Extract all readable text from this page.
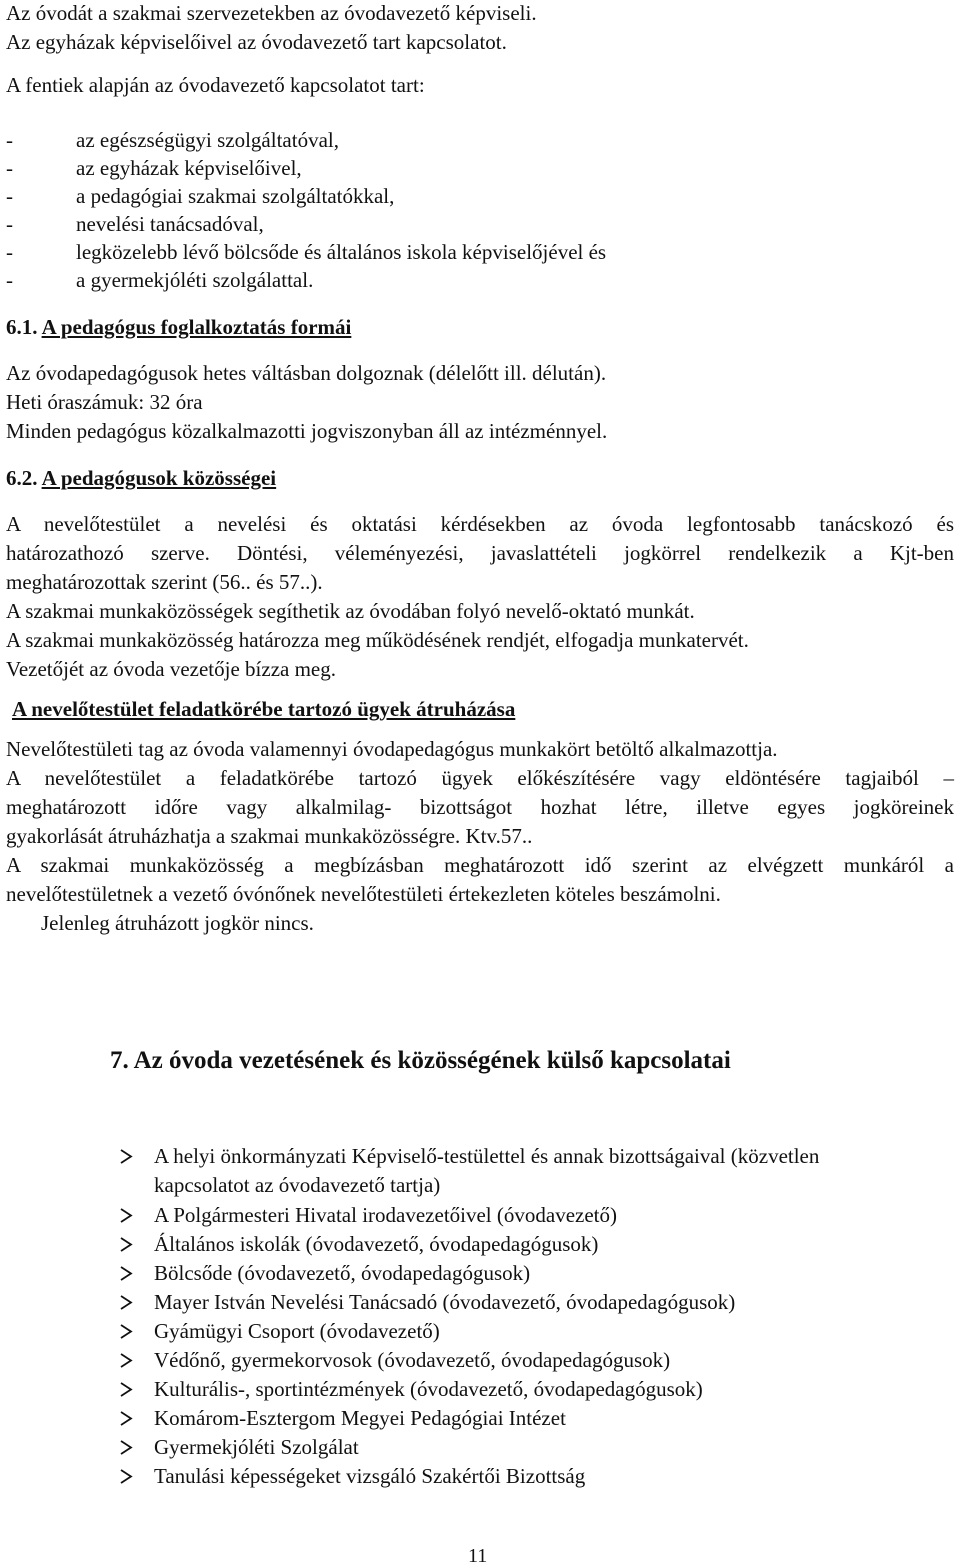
Az óvodát a szakmai szervezetekben az óvodavezető képviseli.
Az egyházak képviselőivel az óvodavezető tart kapcsolatot.
A fentiek alapján az óvodavezető kapcsolatot tart:
-	az egészségügyi szolgáltatóval,
-	az egyházak képviselőivel,
-	a pedagógiai szakmai szolgáltatókkal,
-	nevelési tanácsadóval,
-	legközelebb lévő bölcsőde és általános iskola képviselőjével és
-	a gyermekjóléti szolgálattal.
6.1. A pedagógus foglalkoztatás formái
Az óvodapedagógusok hetes váltásban dolgoznak (délelőtt ill. délután).
Heti óraszámuk: 32 óra
Minden pedagógus közalkalmazotti jogviszonyban áll az intézménnyel.
6.2. A pedagógusok közösségei
A nevelőtestület a nevelési és oktatási kérdésekben az óvoda legfontosabb tanácskozó és
határozathozó szerve. Döntési, véleményezési, javaslattételi jogkörrel rendelkezik a Kjt-ben
meghatározottak szerint (56.. és 57..).
A szakmai munkaközösségek segíthetik az óvodában folyó nevelő-oktató munkát.
A szakmai munkaközösség határozza meg működésének rendjét, elfogadja munkatervét.
Vezetőjét az óvoda vezetője bízza meg.
A nevelőtestület feladatkörébe tartozó ügyek átruházása
Nevelőtestületi tag az óvoda valamennyi óvodapedagógus munkakört betöltő alkalmazottja.
A nevelőtestület a feladatkörébe tartozó ügyek előkészítésére vagy eldöntésére tagjaiból –
meghatározott időre vagy alkalmilag- bizottságot hozhat létre, illetve egyes jogköreinek
gyakorlását átruházhatja a szakmai munkaközösségre. Ktv.57..
A szakmai munkaközösség a megbízásban meghatározott idő szerint az elvégzett munkáról a
nevelőtestületnek a vezető óvónőnek nevelőtestületi értekezleten köteles beszámolni.
Jelenleg átruházott jogkör nincs.
7. Az óvoda vezetésének és közösségének külső kapcsolatai
A helyi önkormányzati Képviselő-testülettel és annak bizottságaival (közvetlen
kapcsolatot az óvodavezető tartja)
A Polgármesteri Hivatal irodavezetőivel (óvodavezető)
Általános iskolák (óvodavezető, óvodapedagógusok)
Bölcsőde (óvodavezető, óvodapedagógusok)
Mayer István Nevelési Tanácsadó (óvodavezető, óvodapedagógusok)
Gyámügyi Csoport (óvodavezető)
Védőnő, gyermekorvosok (óvodavezető, óvodapedagógusok)
Kulturális-, sportintézmények (óvodavezető, óvodapedagógusok)
Komárom-Esztergom Megyei Pedagógiai Intézet
Gyermekjóléti Szolgálat
Tanulási képességeket vizsgáló Szakértői Bizottság
11
